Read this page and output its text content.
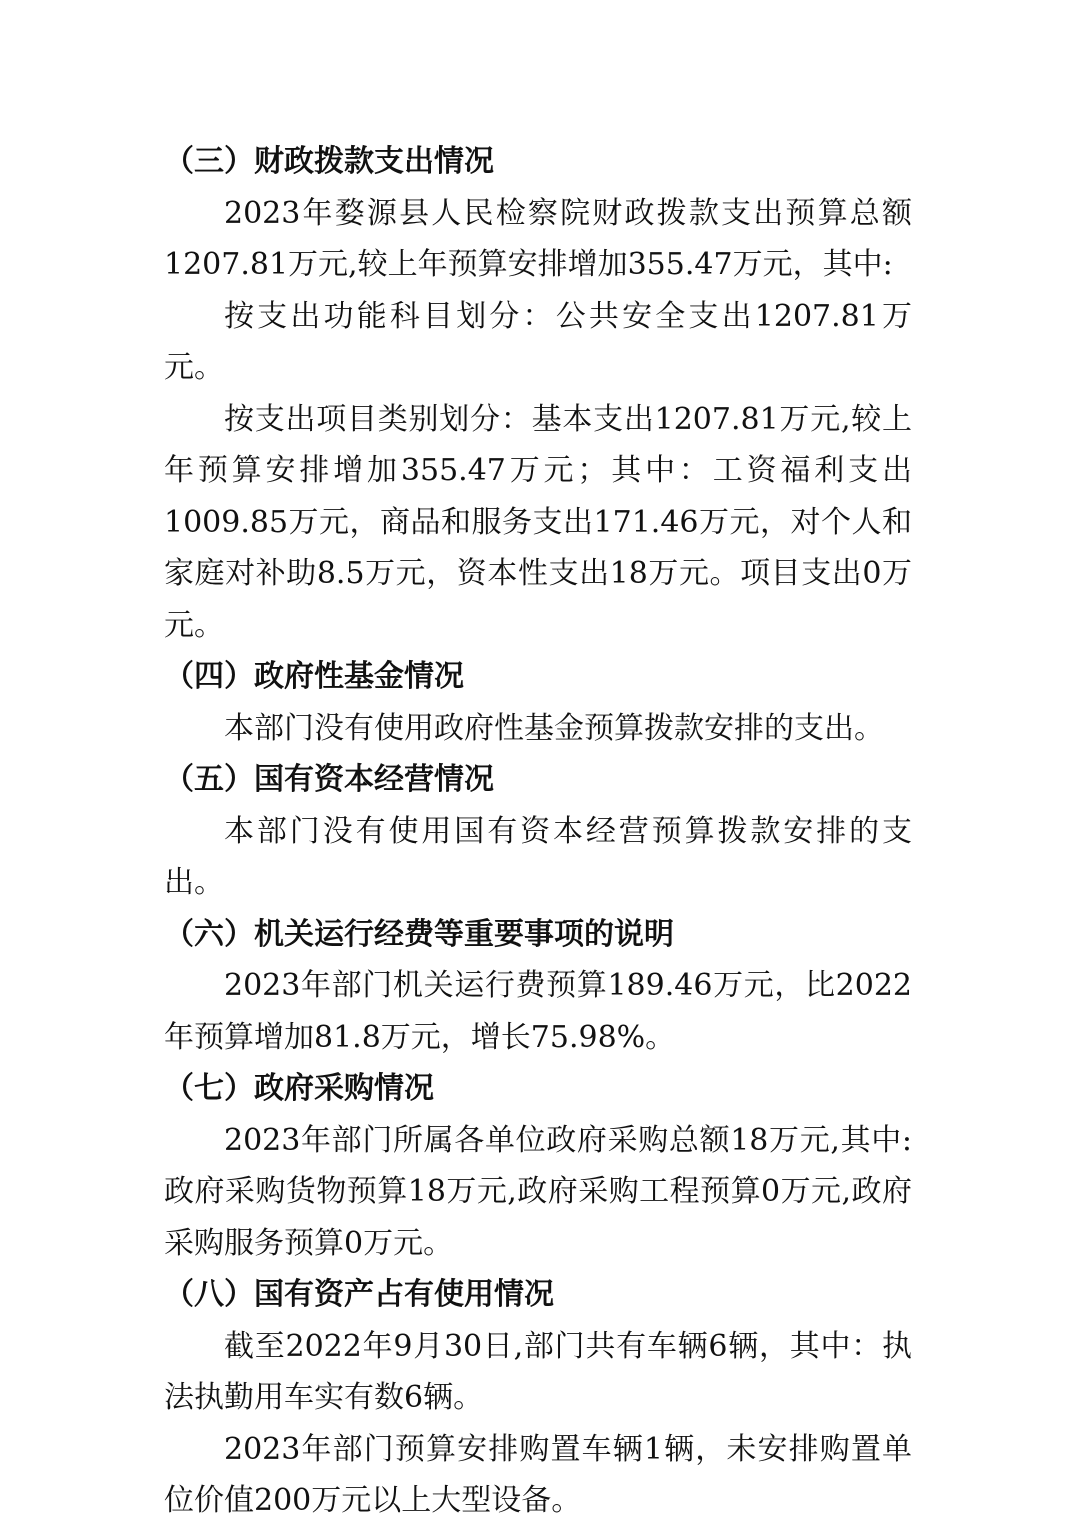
（三）财政拨款支出情况

2023年婺源县人民检察院财政拨款支出预算总额1207.81万元,较上年预算安排增加355.47万元，其中:

按支出功能科目划分：公共安全支出1207.81万元。

按支出项目类别划分：基本支出1207.81万元,较上年预算安排增加355.47万元；其中：工资福利支出1009.85万元，商品和服务支出171.46万元，对个人和家庭对补助8.5万元，资本性支出18万元。项目支出0万元。

（四）政府性基金情况

本部门没有使用政府性基金预算拨款安排的支出。

（五）国有资本经营情况

本部门没有使用国有资本经营预算拨款安排的支出。

（六）机关运行经费等重要事项的说明

2023年部门机关运行费预算189.46万元，比2022年预算增加81.8万元，增长75.98%。

（七）政府采购情况

2023年部门所属各单位政府采购总额18万元,其中:政府采购货物预算18万元,政府采购工程预算0万元,政府采购服务预算0万元。

（八）国有资产占有使用情况

截至2022年9月30日,部门共有车辆6辆，其中：执法执勤用车实有数6辆。

2023年部门预算安排购置车辆1辆，未安排购置单位价值200万元以上大型设备。
